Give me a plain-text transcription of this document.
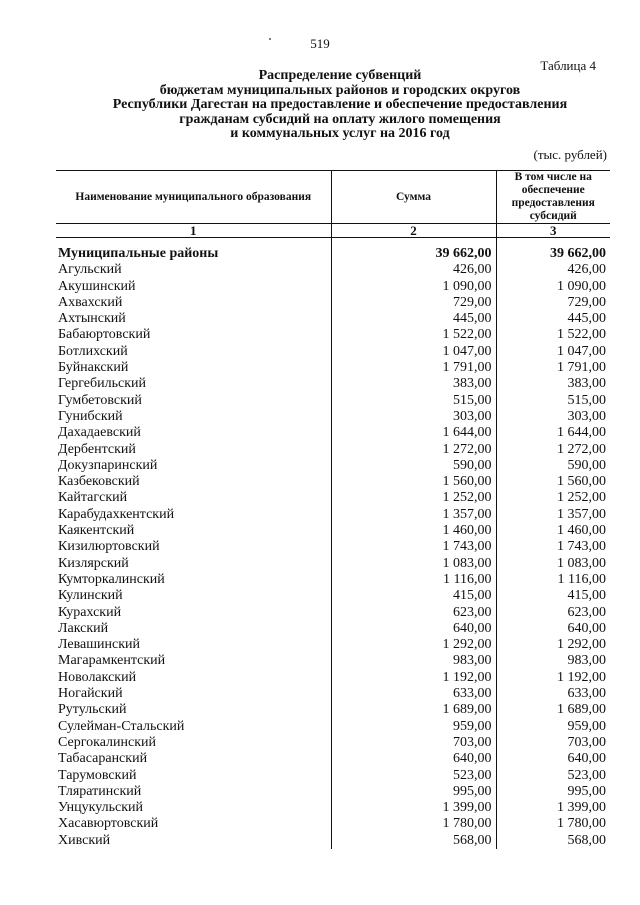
519
Таблица 4
Распределение субвенций
бюджетам муниципальных районов и городских округов
Республики Дагестан на предоставление и обеспечение предоставления
гражданам субсидий на оплату жилого помещения
и коммунальных услуг на 2016 год
(тыс. рублей)
Наименование муниципального образования	Сумма	В том числе на обеспечение предоставления субсидий
1	2	3

Муниципальные районы	39 662,00	39 662,00
Агульский	426,00	426,00
Акушинский	1 090,00	1 090,00
Ахвахский	729,00	729,00
Ахтынский	445,00	445,00
Бабаюртовский	1 522,00	1 522,00
Ботлихский	1 047,00	1 047,00
Буйнакский	1 791,00	1 791,00
Гергебильский	383,00	383,00
Гумбетовский	515,00	515,00
Гунибский	303,00	303,00
Дахадаевский	1 644,00	1 644,00
Дербентский	1 272,00	1 272,00
Докузпаринский	590,00	590,00
Казбековский	1 560,00	1 560,00
Кайтагский	1 252,00	1 252,00
Карабудахкентский	1 357,00	1 357,00
Каякентский	1 460,00	1 460,00
Кизилюртовский	1 743,00	1 743,00
Кизлярский	1 083,00	1 083,00
Кумторкалинский	1 116,00	1 116,00
Кулинский	415,00	415,00
Курахский	623,00	623,00
Лакский	640,00	640,00
Левашинский	1 292,00	1 292,00
Магарамкентский	983,00	983,00
Новолакский	1 192,00	1 192,00
Ногайский	633,00	633,00
Рутульский	1 689,00	1 689,00
Сулейман-Стальский	959,00	959,00
Сергокалинский	703,00	703,00
Табасаранский	640,00	640,00
Тарумовский	523,00	523,00
Тляратинский	995,00	995,00
Унцукульский	1 399,00	1 399,00
Хасавюртовский	1 780,00	1 780,00
Хивский	568,00	568,00
